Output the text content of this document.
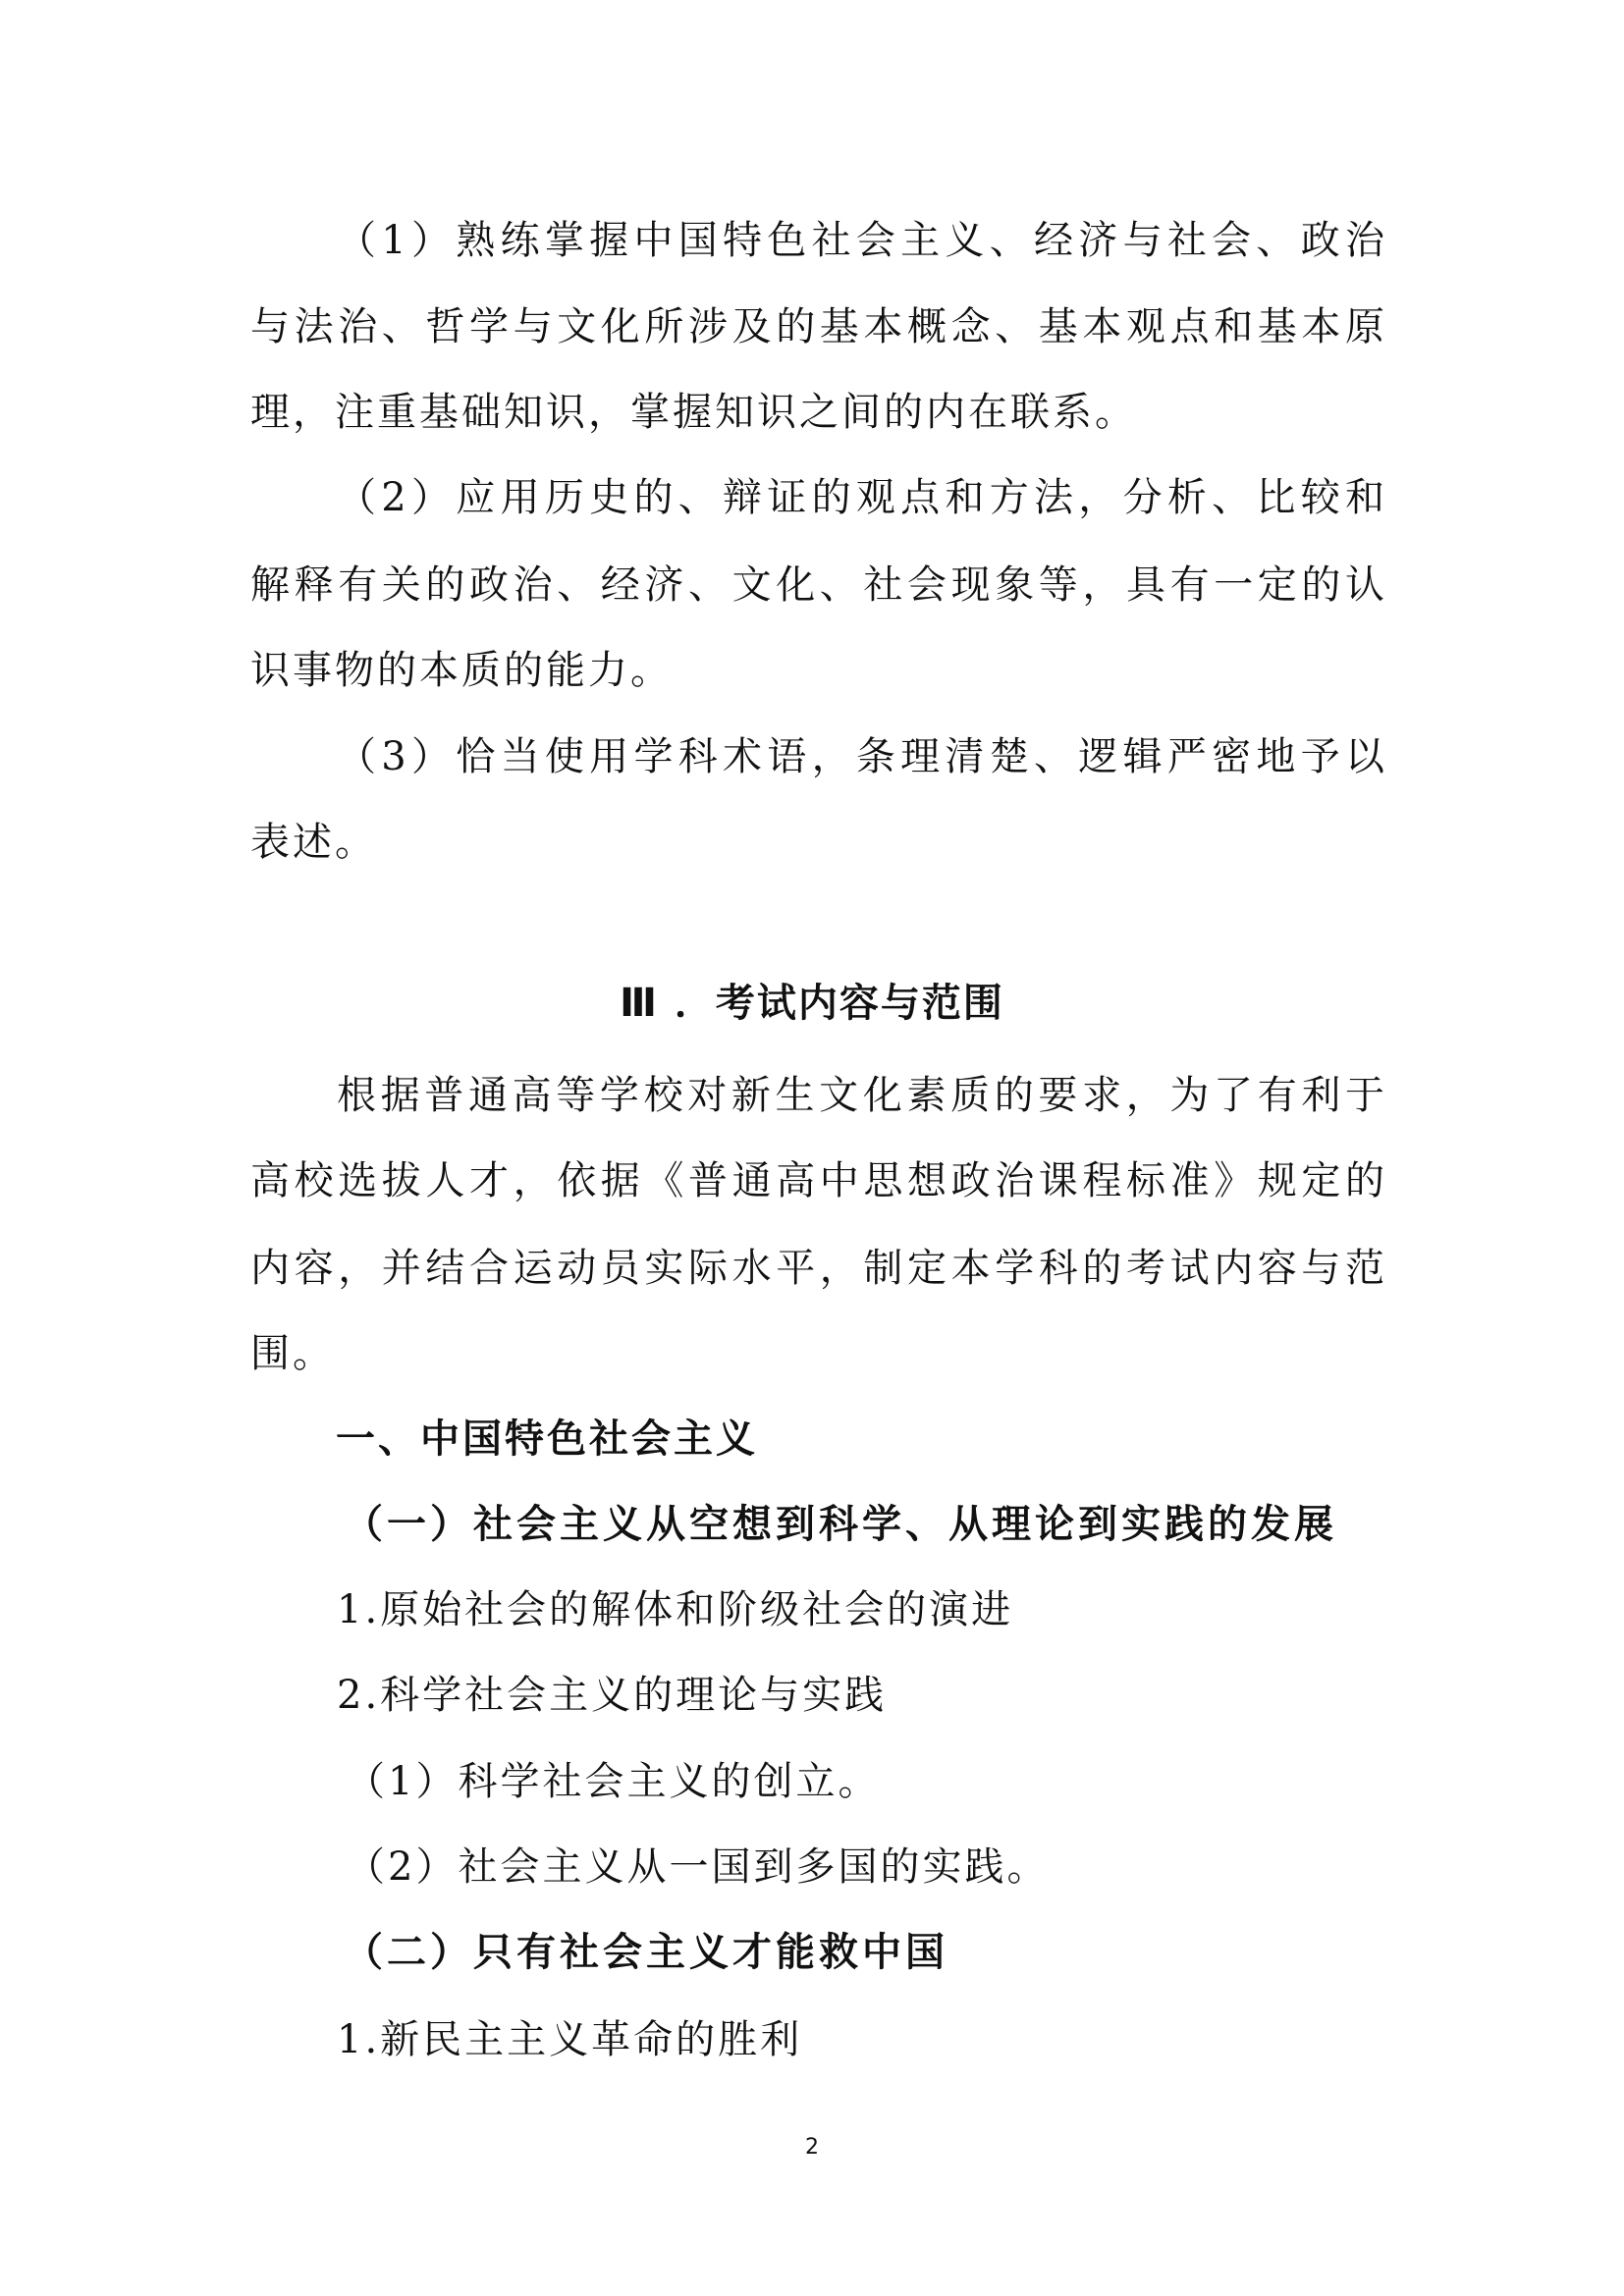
（1）熟练掌握中国特色社会主义、经济与社会、政治
与法治、哲学与文化所涉及的基本概念、基本观点和基本原
理，注重基础知识，掌握知识之间的内在联系。
（2）应用历史的、辩证的观点和方法，分析、比较和
解释有关的政治、经济、文化、社会现象等，具有一定的认
识事物的本质的能力。
（3）恰当使用学科术语，条理清楚、逻辑严密地予以
表述。
Ⅲ ．考试内容与范围
根据普通高等学校对新生文化素质的要求，为了有利于
高校选拔人才，依据《普通高中思想政治课程标准》规定的
内容，并结合运动员实际水平，制定本学科的考试内容与范
围。
一、中国特色社会主义
（一）社会主义从空想到科学、从理论到实践的发展
1.原始社会的解体和阶级社会的演进
2.科学社会主义的理论与实践
（1）科学社会主义的创立。
（2）社会主义从一国到多国的实践。
（二）只有社会主义才能救中国
1.新民主主义革命的胜利
2
